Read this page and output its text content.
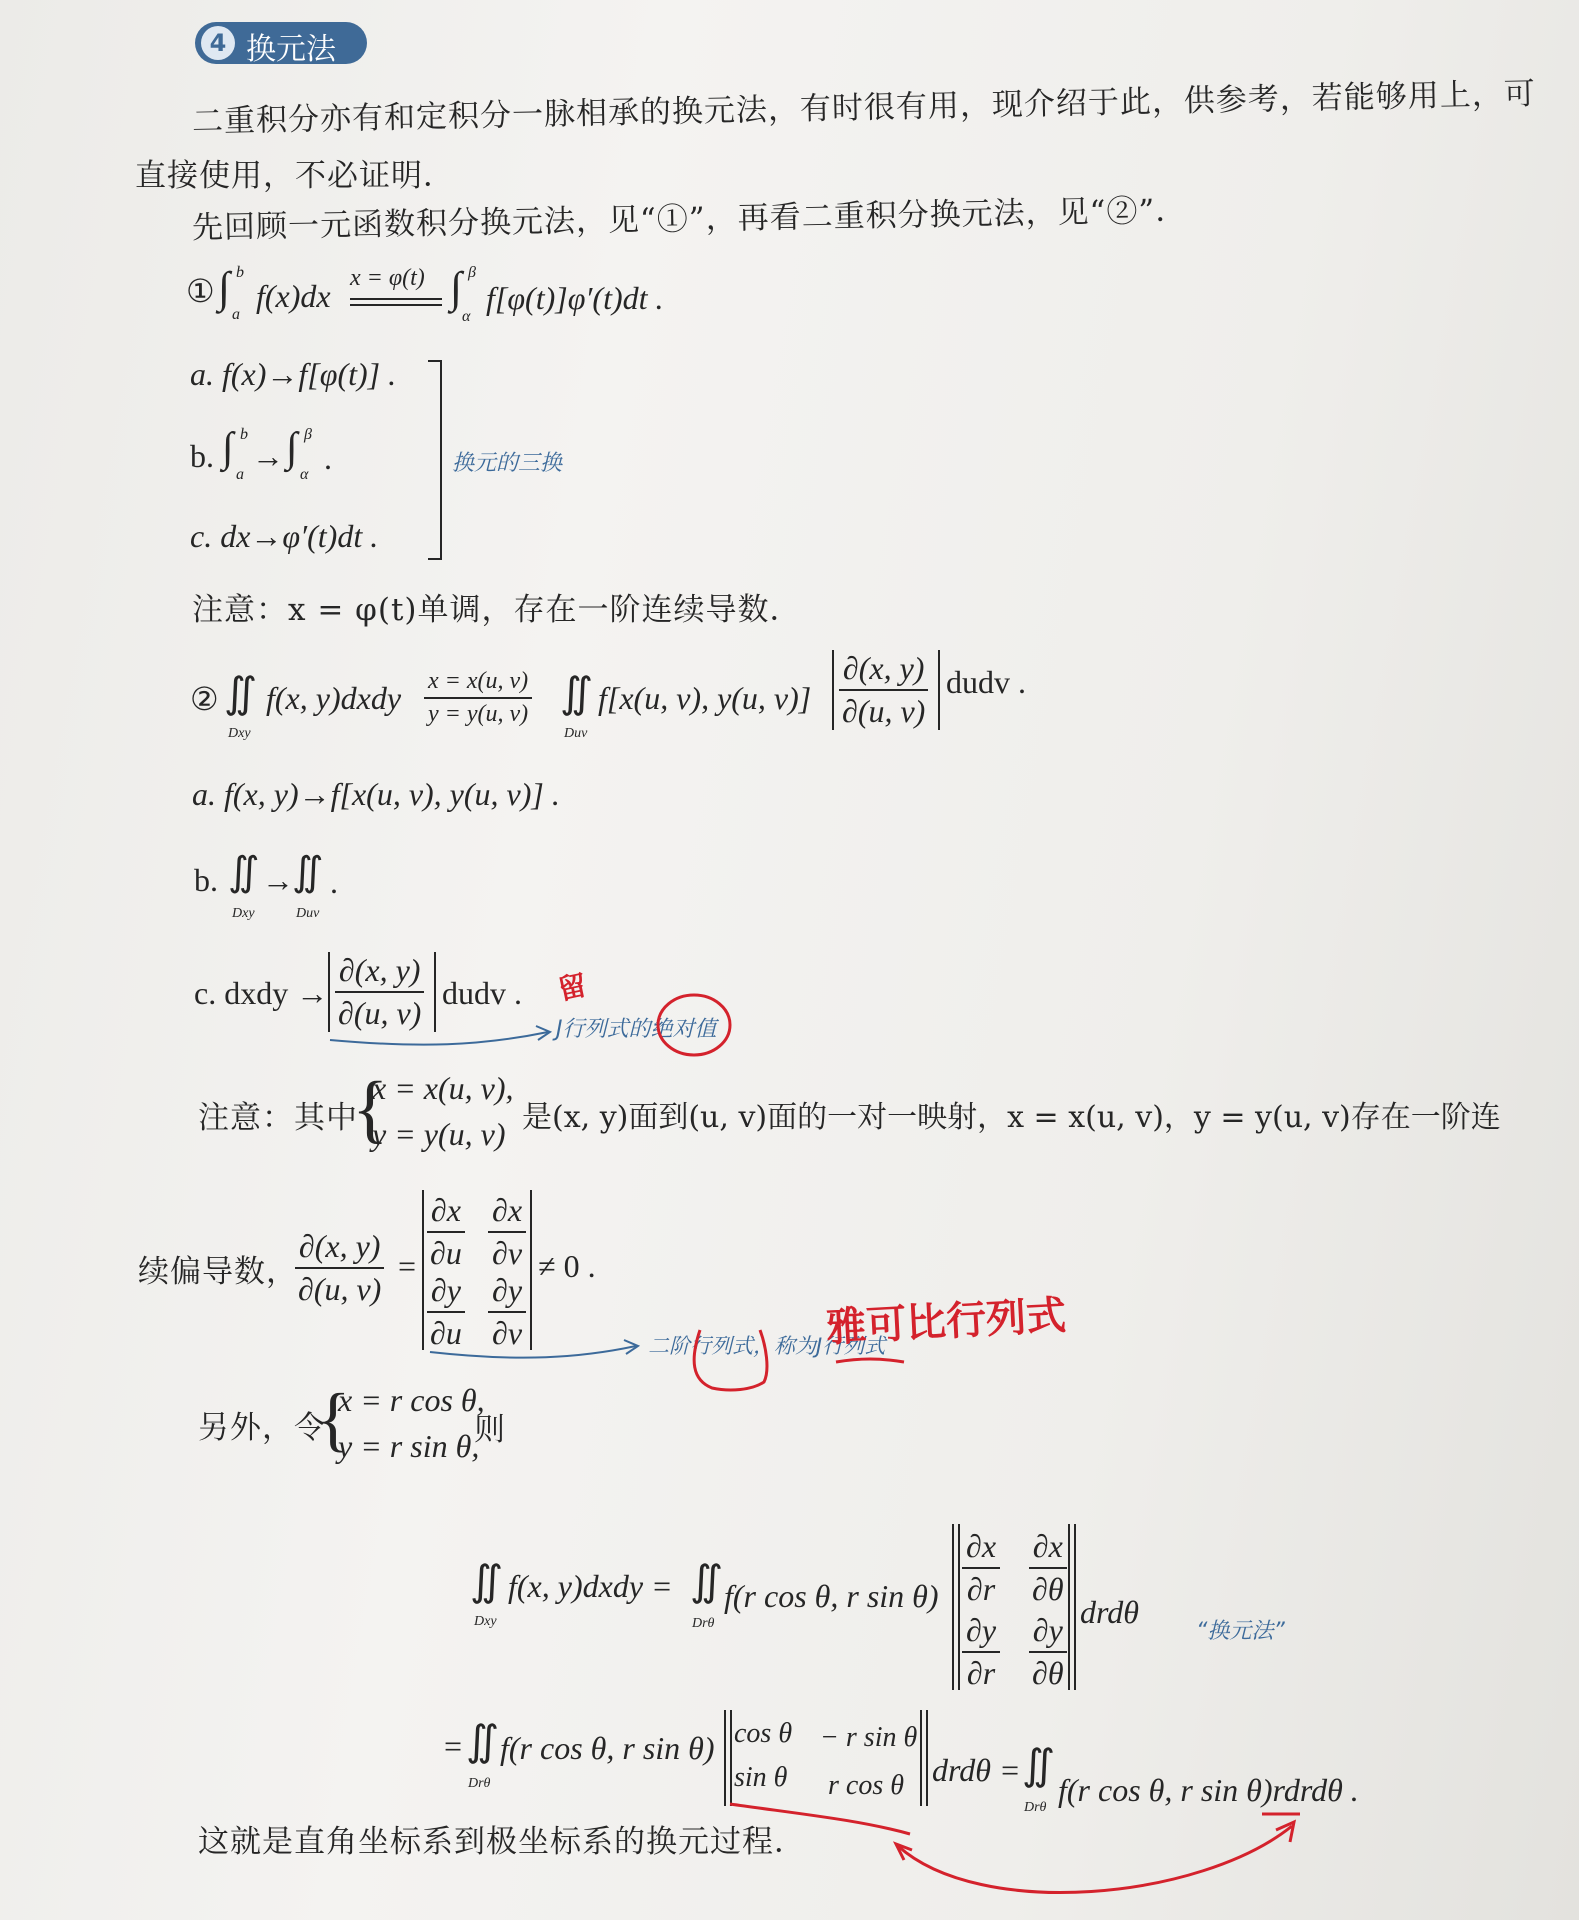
4 换元法
二重积分亦有和定积分一脉相承的换元法，有时很有用，现介绍于此，供参考，若能够用上，可
直接使用，不必证明．
先回顾一元函数积分换元法，见“①”，再看二重积分换元法，见“②”．
① ∫ b
a
f(x)dx x = φ(t) ∫ β
α
f[φ(t)]φ′(t)dt .
a. f(x)→f[φ(t)] .
b. ∫ b
a
→ ∫ β
α .
c. dx→φ′(t)dt .
换元的三换
注意：x = φ(t)单调，存在一阶连续导数．
② ∬
Dxy
f(x, y)dxdy $\frac{x = x(u, v)}{y = y(u, v)}$ ∬
Duv
f[x(u, v), y(u, $v)] \frac{\partial(x, y)}{\partial(u, v)}$ dudv .
a. f(x, y)→f[x(u, v), y(u, v)] .
b. ∬
Dxy
→
∬
Duv
.
c. dxdy → $\frac{\partial(x, y)}{\partial(u, v)}$ dudv . 留
J行列式的绝对值
注意：其中
{
x = x(u, v),
y = y(u, v) 是(x, y)面到(u, v)面的一对一映射，x = x(u, v)，y = y(u, v)存在一阶连
续偏导数，
$\frac{\partial(x, y)}{\partial(u, v)} = \frac{\partial x}{\partial u} \frac{\partial x}{\partial v}$
$\frac{\partial y}{\partial u} \frac{\partial y}{\partial v}$
≠ 0 .
二阶行列式，称为J行列式
雅可比行列式
另外，令
{
x = r cos θ,
y = r sin θ,
则
∬
Dxy
f(x, y)dxdy = ∬
Drθ
f(r cos θ, r $\sin \theta) \frac{\partial x}{\partial r} \frac{\partial x}{\partial\theta}$
$\frac{\partial y}{\partial r} \frac{\partial y}{\partial\theta}$ drdθ
“换元法”
= ∬
Drθ
f(r cos θ, r sin θ) cos θ − r sin θ
sin θ r cos θ drdθ = ∬
Drθ f(r cos θ, r sin θ)rdrdθ .
这就是直角坐标系到极坐标系的换元过程．
